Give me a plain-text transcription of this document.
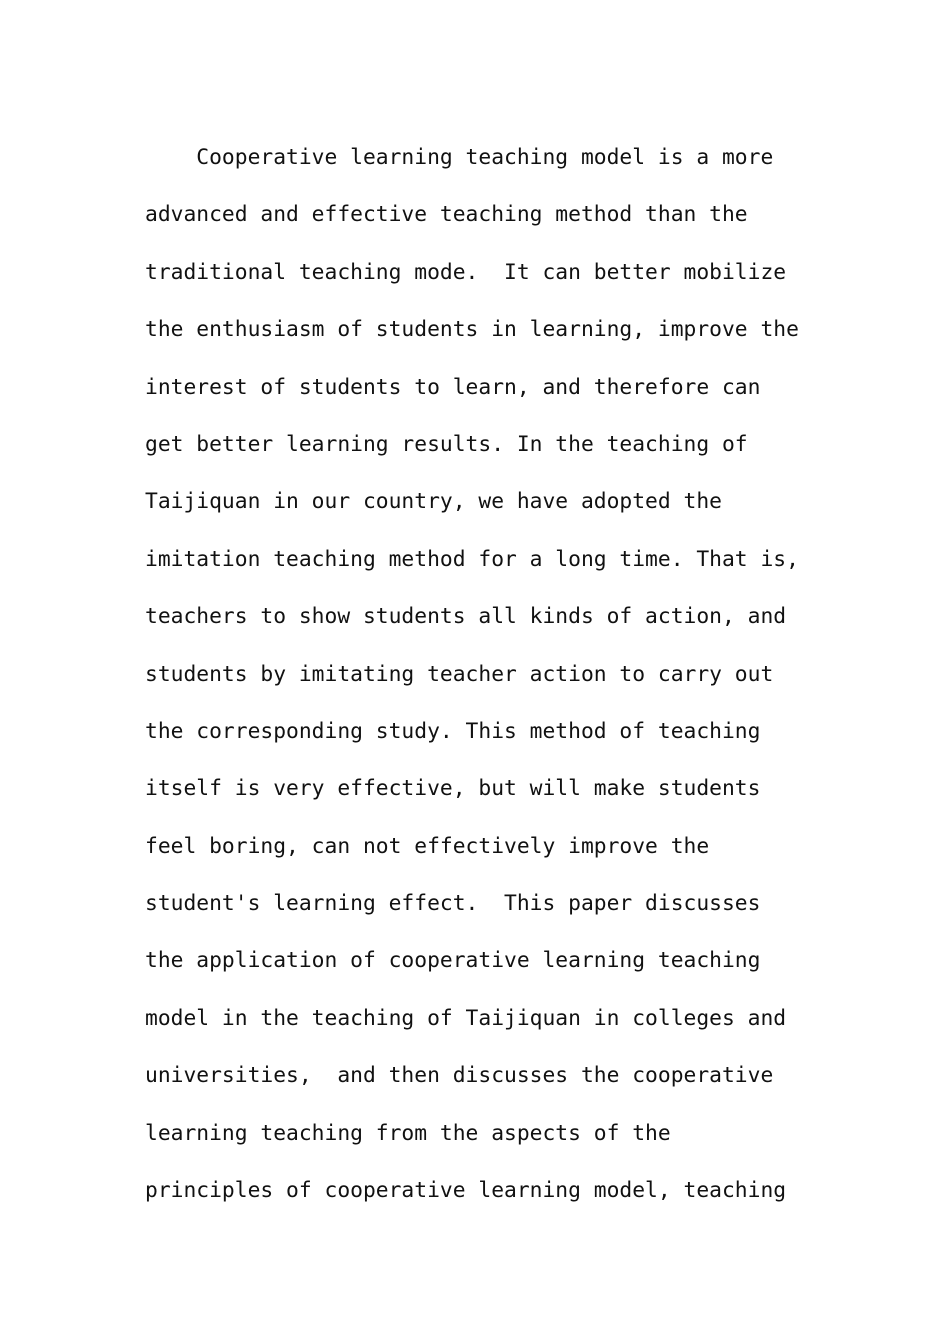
Cooperative learning teaching model is a more
advanced and effective teaching method than the
traditional teaching mode.  It can better mobilize
the enthusiasm of students in learning, improve the
interest of students to learn, and therefore can
get better learning results. In the teaching of
Taijiquan in our country, we have adopted the
imitation teaching method for a long time. That is,
teachers to show students all kinds of action, and
students by imitating teacher action to carry out
the corresponding study. This method of teaching
itself is very effective, but will make students
feel boring, can not effectively improve the
student's learning effect.  This paper discusses
the application of cooperative learning teaching
model in the teaching of Taijiquan in colleges and
universities,  and then discusses the cooperative
learning teaching from the aspects of the
principles of cooperative learning model, teaching
